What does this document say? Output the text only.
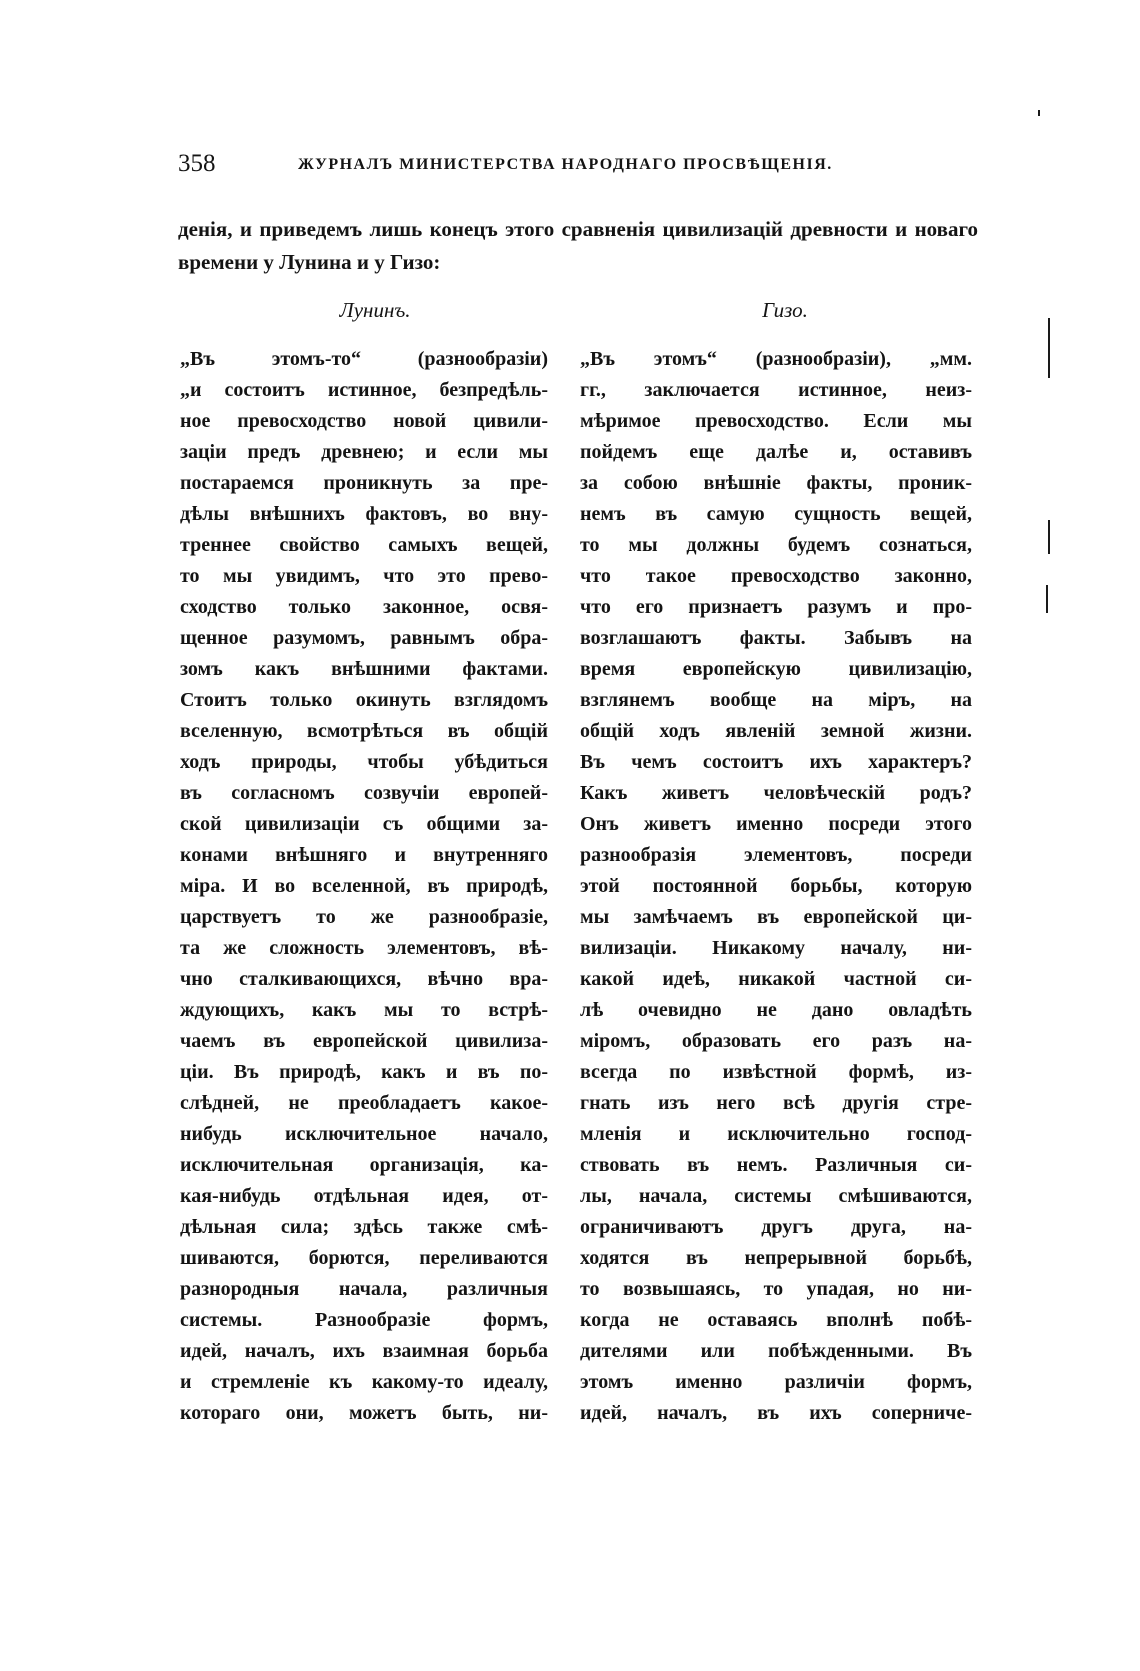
358	ЖУРНАЛЪ МИНИСТЕРСТВА НАРОДНАГО ПРОСВѢЩЕНІЯ.
денія, и приведемъ лишь конецъ этого сравненія цивилизацій древности и новаго времени у Лунина и у Гизо:
Лунинъ.	Гизо.
„Въ этомъ-то“ (разнообразіи)
„и состоитъ истинное, безпредѣль-
ное превосходство новой цивили-
заціи предъ древнею; и если мы
постараемся проникнуть за пре-
дѣлы внѣшнихъ фактовъ, во вну-
треннее свойство самыхъ вещей,
то мы увидимъ, что это прево-
сходство только законное, освя-
щенное разумомъ, равнымъ обра-
зомъ какъ внѣшними фактами.
Стоитъ только окинуть взглядомъ
вселенную, всмотрѣться въ общій
ходъ природы, чтобы убѣдиться
въ согласномъ созвучіи европей-
ской цивилизаціи съ общими за-
конами внѣшняго и внутренняго
міра. И во вселенной, въ природѣ,
царствуетъ то же разнообразіе,
та же сложность элементовъ, вѣ-
чно сталкивающихся, вѣчно вра-
ждующихъ, какъ мы то встрѣ-
чаемъ въ европейской цивилиза-
ціи. Въ природѣ, какъ и въ по-
слѣдней, не преобладаетъ какое-
нибудь исключительное начало,
исключительная организація, ка-
кая-нибудь отдѣльная идея, от-
дѣльная сила; здѣсь также смѣ-
шиваются, борются, переливаются
разнородныя начала, различныя
системы. Разнообразіе формъ,
идей, началъ, ихъ взаимная борьба
и стремленіе къ какому-то идеалу,
котораго они, можетъ быть, ни-
„Въ этомъ“ (разнообразіи), „мм.
гг., заключается истинное, неиз-
мѣримое превосходство. Если мы
пойдемъ еще далѣе и, оставивъ
за собою внѣшніе факты, проник-
немъ въ самую сущность вещей,
то мы должны будемъ сознаться,
что такое превосходство законно,
что его признаетъ разумъ и про-
возглашаютъ факты. Забывъ на
время европейскую цивилизацію,
взглянемъ вообще на міръ, на
общій ходъ явленій земной жизни.
Въ чемъ состоитъ ихъ характеръ?
Какъ живетъ человѣческій родъ?
Онъ живетъ именно посреди этого
разнообразія элементовъ, посреди
этой постоянной борьбы, которую
мы замѣчаемъ въ европейской ци-
вилизаціи. Никакому началу, ни-
какой идеѣ, никакой частной си-
лѣ очевидно не дано овладѣть
міромъ, образовать его разъ на-
всегда по извѣстной формѣ, из-
гнать изъ него всѣ другія стре-
мленія и исключительно господ-
ствовать въ немъ. Различныя си-
лы, начала, системы смѣшиваются,
ограничиваютъ другъ друга, на-
ходятся въ непрерывной борьбѣ,
то возвышаясь, то упадая, но ни-
когда не оставаясь вполнѣ побѣ-
дителями или побѣжденными. Въ
этомъ именно различіи формъ,
идей, началъ, въ ихъ соперниче-
